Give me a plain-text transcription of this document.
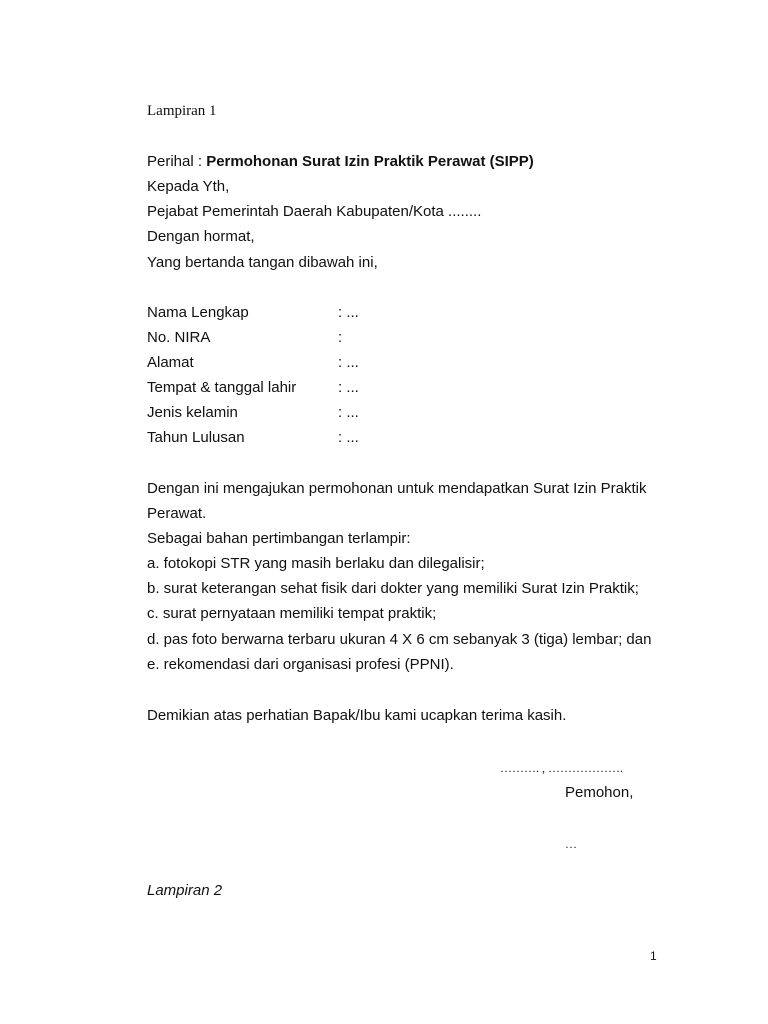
Lampiran 1
Perihal : Permohonan Surat Izin Praktik Perawat (SIPP)
Kepada Yth,
Pejabat Pemerintah Daerah Kabupaten/Kota ........
Dengan hormat,
Yang bertanda tangan dibawah ini,
Nama Lengkap	: ...
No. NIRA	:
Alamat	: ...
Tempat & tanggal lahir	: ...
Jenis kelamin	: ...
Tahun Lulusan	: ...
Dengan ini mengajukan permohonan untuk mendapatkan Surat Izin Praktik
Perawat.
Sebagai bahan pertimbangan terlampir:
a. fotokopi STR yang masih berlaku dan dilegalisir;
b. surat keterangan sehat fisik dari dokter yang memiliki Surat Izin Praktik;
c. surat pernyataan memiliki tempat praktik;
d. pas foto berwarna terbaru ukuran 4 X 6 cm sebanyak 3 (tiga) lembar; dan
e. rekomendasi dari organisasi profesi (PPNI).
Demikian atas perhatian Bapak/Ibu kami ucapkan terima kasih.
………. , ……………….
Pemohon,
…
Lampiran 2
1
